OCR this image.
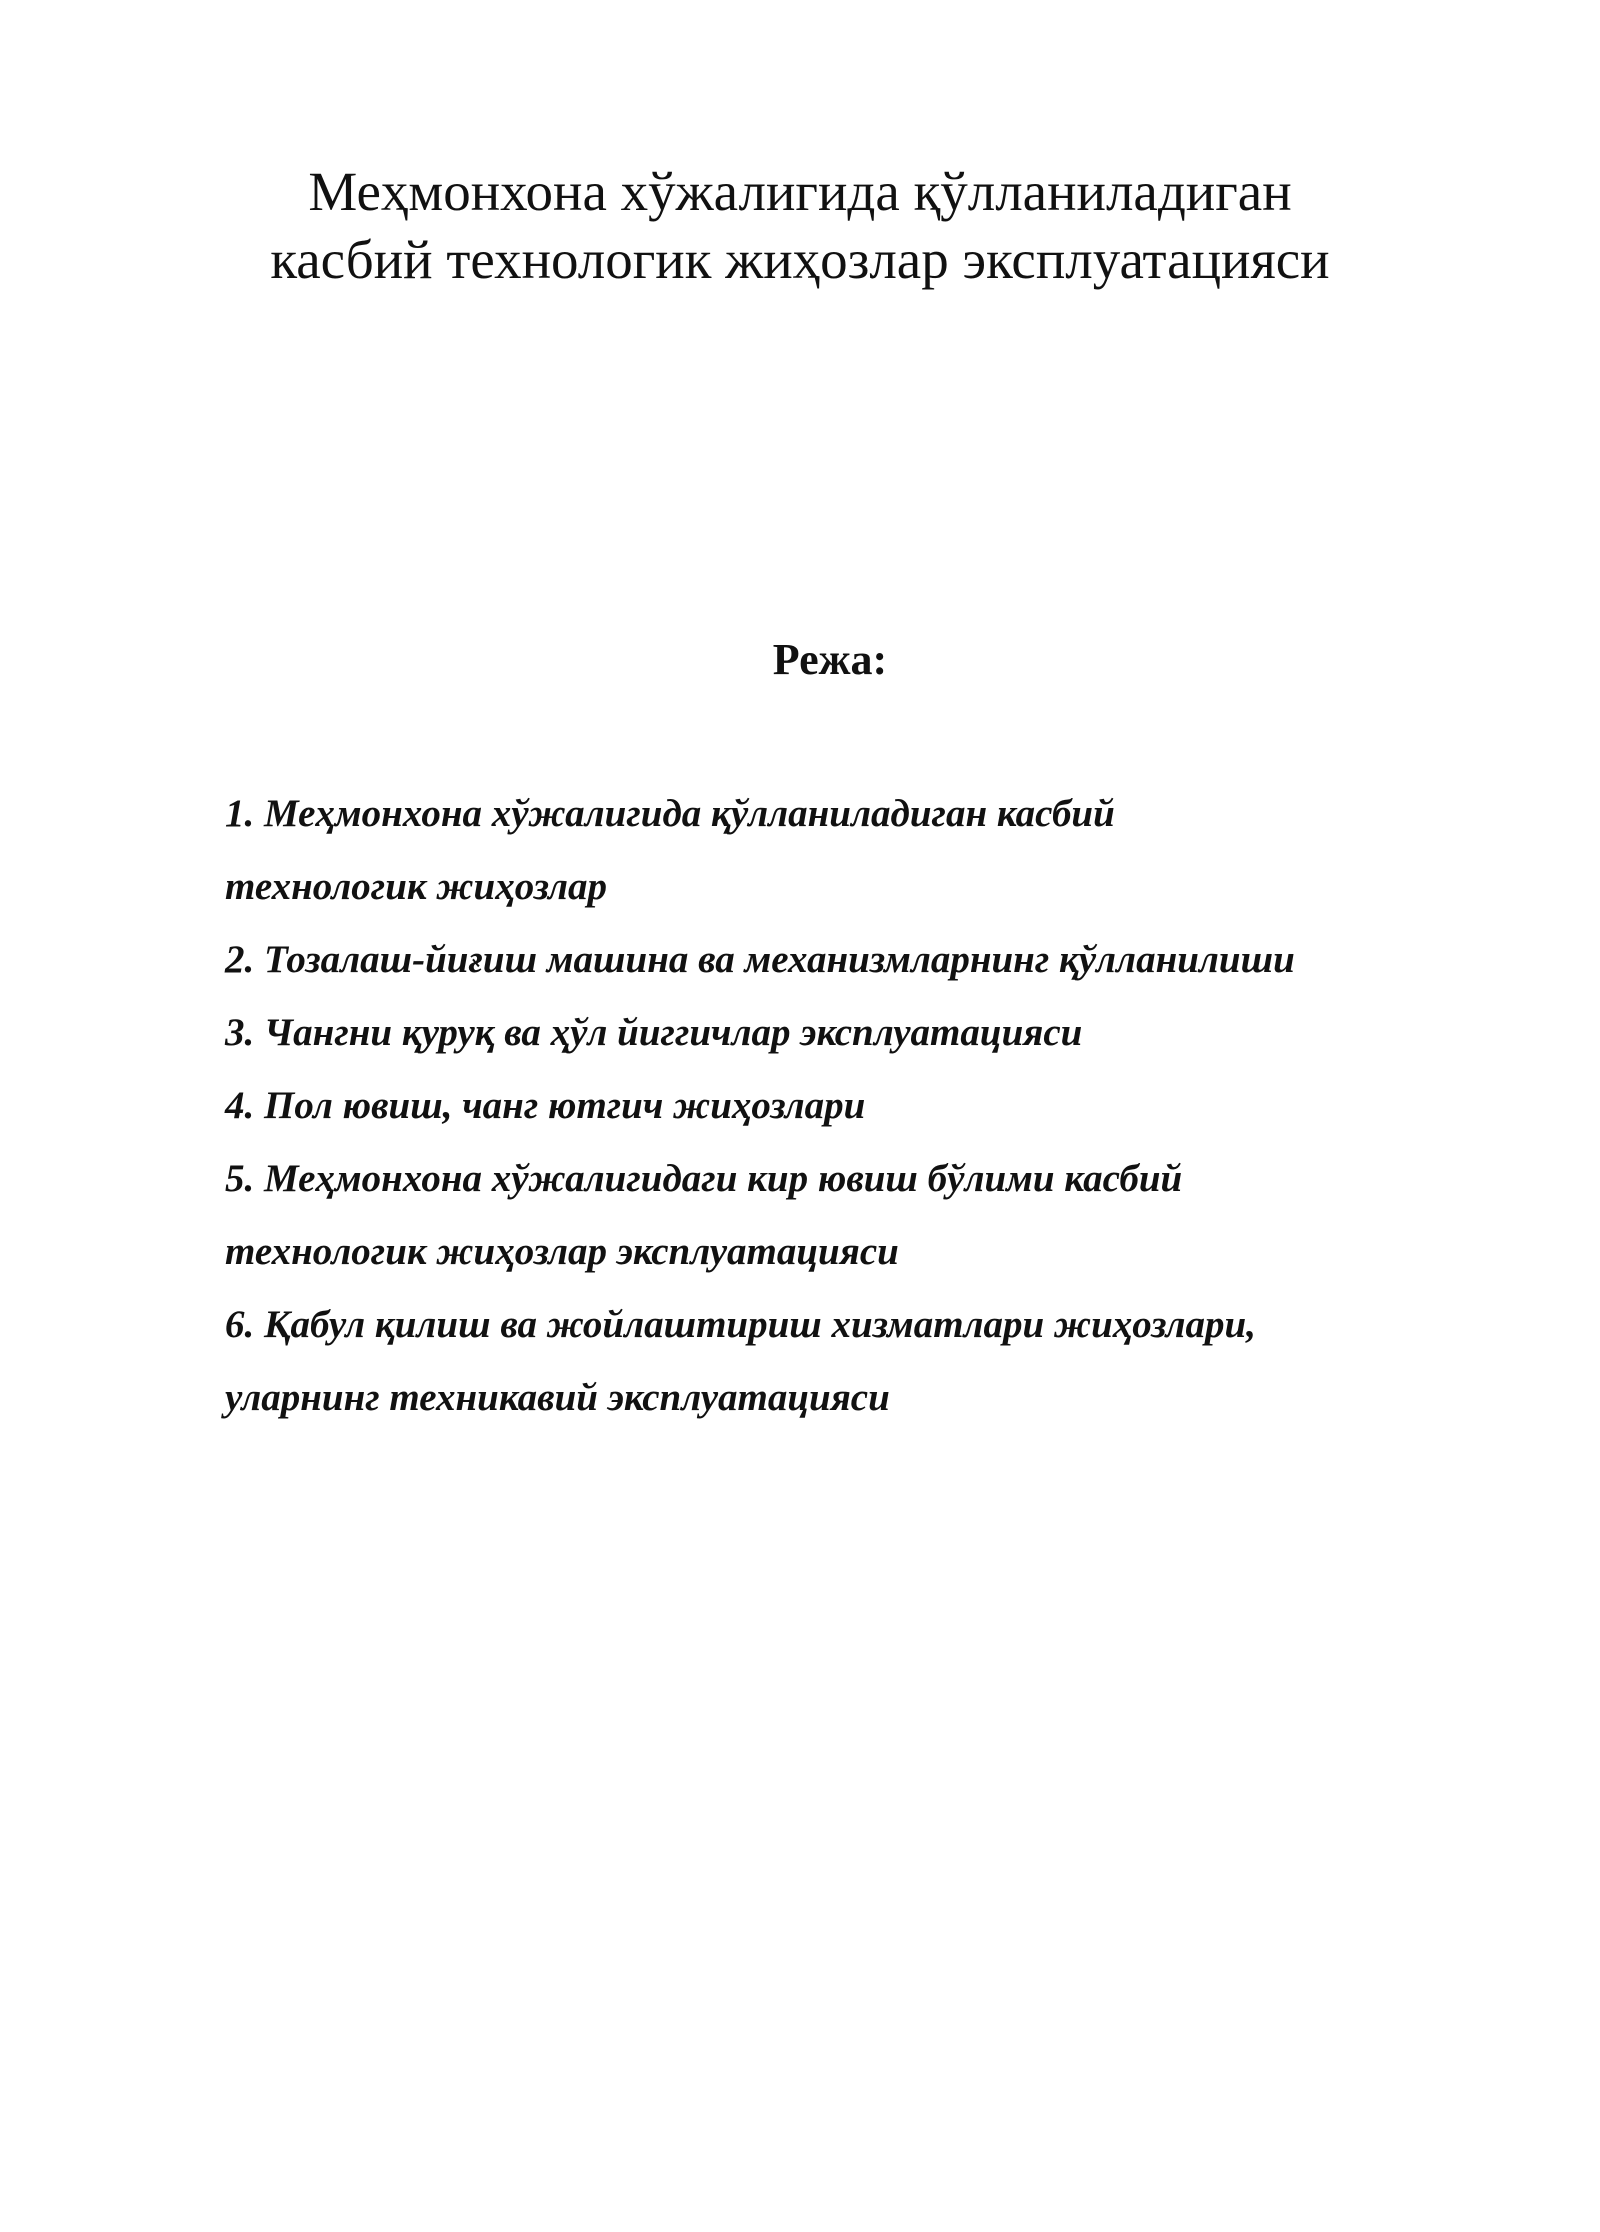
Меҳмонхона хўжалигида қўлланиладиган
касбий технологик жиҳозлар эксплуатацияси
Режа:
1. Меҳмонхона хўжалигида қўлланиладиган касбий
технологик жиҳозлар
2. Тозалаш-йиғиш машина ва механизмларнинг қўлланилиши
3. Чангни қуруқ ва ҳўл йиггичлар эксплуатацияси
4. Пол ювиш, чанг ютгич жиҳозлари
5. Меҳмонхона хўжалигидаги кир ювиш бўлими касбий
технологик жиҳозлар эксплуатацияси
6. Қабул қилиш ва жойлаштириш хизматлари жиҳозлари,
уларнинг техникавий эксплуатацияси
